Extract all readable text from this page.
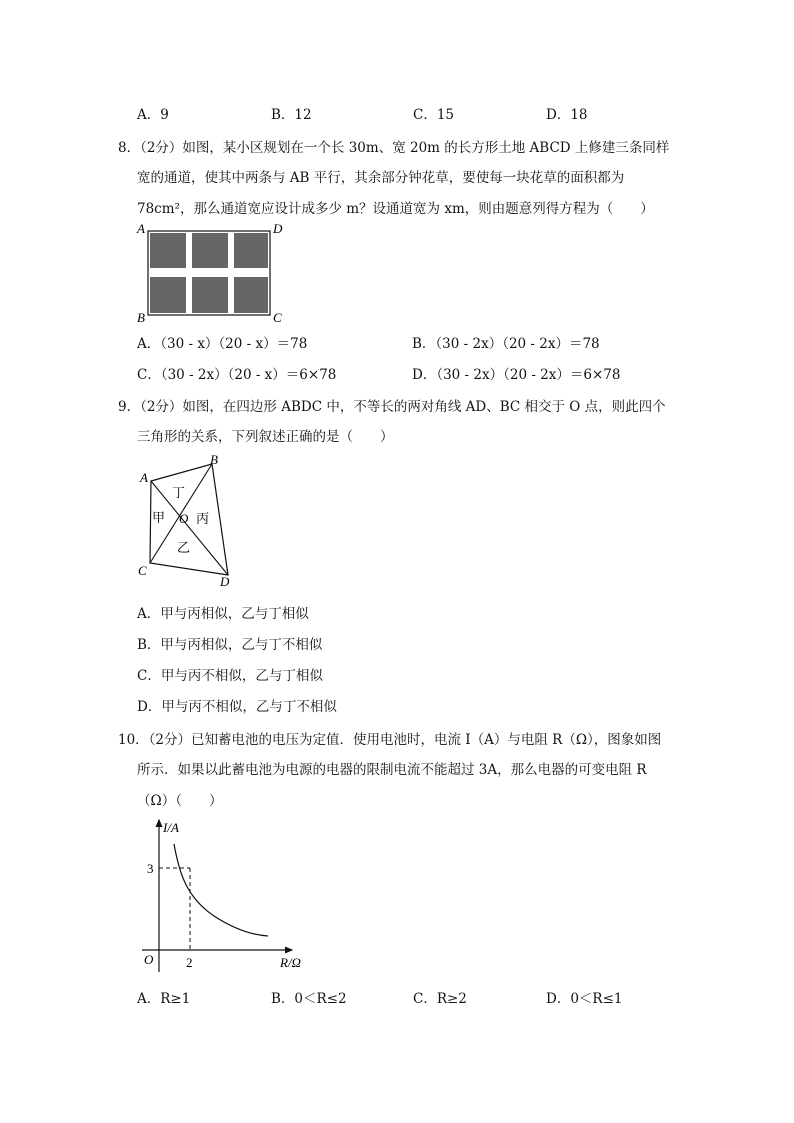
A．9	B．12	C．15	D．18
8．（2分）如图，某小区规划在一个长 30m、宽 20m 的长方形土地 ABCD 上修建三条同样
宽的通道，使其中两条与 AB 平行，其余部分钟花草，要使每一块花草的面积都为
78cm²，那么通道宽应设计成多少 m？设通道宽为 xm，则由题意列得方程为（　　）
A	D
B	C
A．（30 - x）（20 - x）＝78	B．（30 - 2x）（20 - 2x）＝78
C．（30 - 2x）（20 - x）＝6×78	D．（30 - 2x）（20 - 2x）＝6×78
9．（2分）如图，在四边形 ABDC 中，不等长的两对角线 AD、BC 相交于 O 点，则此四个
三角形的关系，下列叙述正确的是（　　）
A
B
C
D
O
甲
乙
丙
丁
A．甲与丙相似，乙与丁相似
B．甲与丙相似，乙与丁不相似
C．甲与丙不相似，乙与丁相似
D．甲与丙不相似，乙与丁不相似
10．（2分）已知蓄电池的电压为定值．使用电池时，电流 I（A）与电阻 R（Ω），图象如图
所示．如果以此蓄电池为电源的电器的限制电流不能超过 3A，那么电器的可变电阻 R
（Ω）（　　）
I/A
R/Ω
O
3
2
A．R≥1	B．0＜R≤2	C．R≥2	D．0＜R≤1
